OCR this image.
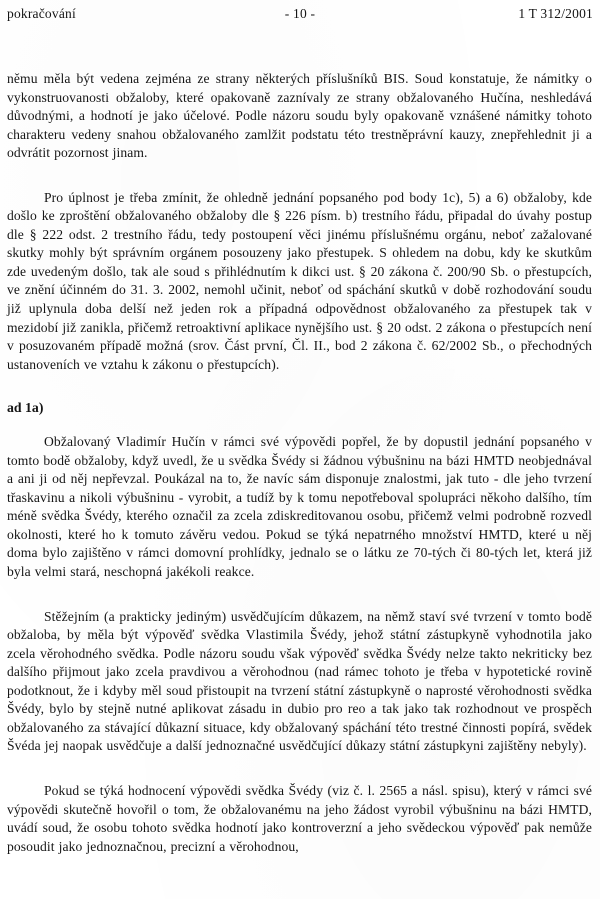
pokračování	- 10 -	1 T 312/2001

němu měla být vedena zejména ze strany některých příslušníků BIS. Soud konstatuje, že námitky o vykonstruovanosti obžaloby, které opakovaně zaznívaly ze strany obžalovaného Hučína, neshledává důvodnými, a hodnotí je jako účelové. Podle názoru soudu byly opakovaně vznášené námitky tohoto charakteru vedeny snahou obžalovaného zamlžit podstatu této trestněprávní kauzy, znepřehlednit ji a odvrátit pozornost jinam.

Pro úplnost je třeba zmínit, že ohledně jednání popsaného pod body 1c), 5) a 6) obžaloby, kde došlo ke zproštění obžalovaného obžaloby dle § 226 písm. b) trestního řádu, připadal do úvahy postup dle § 222 odst. 2 trestního řádu, tedy postoupení věci jinému příslušnému orgánu, neboť zažalované skutky mohly být správním orgánem posouzeny jako přestupek. S ohledem na dobu, kdy ke skutkům zde uvedeným došlo, tak ale soud s přihlédnutím k dikci ust. § 20 zákona č. 200/90 Sb. o přestupcích, ve znění účinném do 31. 3. 2002, nemohl učinit, neboť od spáchání skutků v době rozhodování soudu již uplynula doba delší než jeden rok a případná odpovědnost obžalovaného za přestupek tak v mezidobí již zanikla, přičemž retroaktivní aplikace nynějšího ust. § 20 odst. 2 zákona o přestupcích není v posuzovaném případě možná (srov. Část první, Čl. II., bod 2 zákona č. 62/2002 Sb., o přechodných ustanoveních ve vztahu k zákonu o přestupcích).

ad 1a)

Obžalovaný Vladimír Hučín v rámci své výpovědi popřel, že by dopustil jednání popsaného v tomto bodě obžaloby, když uvedl, že u svědka Švédy si žádnou výbušninu na bázi HMTD neobjednával a ani ji od něj nepřevzal. Poukázal na to, že navíc sám disponuje znalostmi, jak tuto - dle jeho tvrzení třaskavinu a nikoli výbušninu - vyrobit, a tudíž by k tomu nepotřeboval spolupráci někoho dalšího, tím méně svědka Švédy, kterého označil za zcela zdiskreditovanou osobu, přičemž velmi podrobně rozvedl okolnosti, které ho k tomuto závěru vedou. Pokud se týká nepatrného množství HMTD, které u něj doma bylo zajištěno v rámci domovní prohlídky, jednalo se o látku ze 70-tých či 80-tých let, která již byla velmi stará, neschopná jakékoli reakce.

Stěžejním (a prakticky jediným) usvědčujícím důkazem, na němž staví své tvrzení v tomto bodě obžaloba, by měla být výpověď svědka Vlastimila Švédy, jehož státní zástupkyně vyhodnotila jako zcela věrohodného svědka. Podle názoru soudu však výpověď svědka Švédy nelze takto nekriticky bez dalšího přijmout jako zcela pravdivou a věrohodnou (nad rámec tohoto je třeba v hypotetické rovině podotknout, že i kdyby měl soud přistoupit na tvrzení státní zástupkyně o naprosté věrohodnosti svědka Švédy, bylo by stejně nutné aplikovat zásadu in dubio pro reo a tak jako tak rozhodnout ve prospěch obžalovaného za stávající důkazní situace, kdy obžalovaný spáchání této trestné činnosti popírá, svědek Švéda jej naopak usvědčuje a další jednoznačné usvědčující důkazy státní zástupkyni zajištěny nebyly).

Pokud se týká hodnocení výpovědi svědka Švédy (viz č. l. 2565 a násl. spisu), který v rámci své výpovědi skutečně hovořil o tom, že obžalovanému na jeho žádost vyrobil výbušninu na bázi HMTD, uvádí soud, že osobu tohoto svědka hodnotí jako kontroverzní a jeho svědeckou výpověď pak nemůže posoudit jako jednoznačnou, precizní a věrohodnou,
